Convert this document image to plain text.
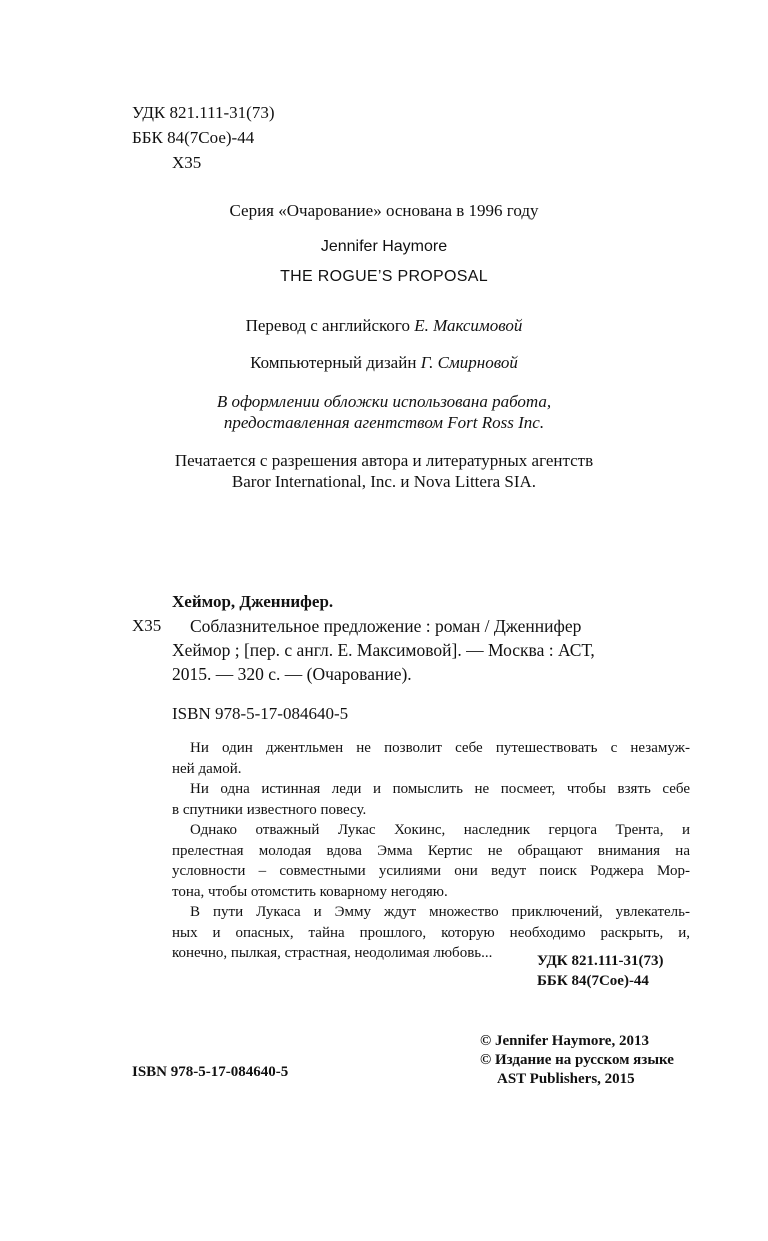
УДК 821.111-31(73)
ББК 84(7Сое)-44
Х35
Серия «Очарование» основана в 1996 году
Jennifer Haymore
THE ROGUE’S PROPOSAL
Перевод с английского Е. Максимовой
Компьютерный дизайн Г. Смирновой
В оформлении обложки использована работа,
предоставленная агентством Fort Ross Inc.
Печатается с разрешения автора и литературных агентств
Baror International, Inc. и Nova Littera SIA.
Хеймор, Дженнифер.
Х35 Соблазнительное предложение : роман / Дженнифер
Хеймор ; [пер. с англ. Е. Максимовой]. — Москва : АСТ,
2015. — 320 с. — (Очарование).
ISBN 978-5-17-084640-5
Ни один джентльмен не позволит себе путешествовать с незамуж-
ней дамой.
Ни одна истинная леди и помыслить не посмеет, чтобы взять себе
в спутники известного повесу.
Однако отважный Лукас Хокинс, наследник герцога Трента, и
прелестная молодая вдова Эмма Кертис не обращают внимания на
условности – совместными усилиями они ведут поиск Роджера Мор-
тона, чтобы отомстить коварному негодяю.
В пути Лукаса и Эмму ждут множество приключений, увлекатель-
ных и опасных, тайна прошлого, которую необходимо раскрыть, и,
конечно, пылкая, страстная, неодолимая любовь...	УДК 821.111-31(73)
ББК 84(7Сое)-44
© Jennifer Haymore, 2013
© Издание на русском языке
AST Publishers, 2015
ISBN 978-5-17-084640-5
